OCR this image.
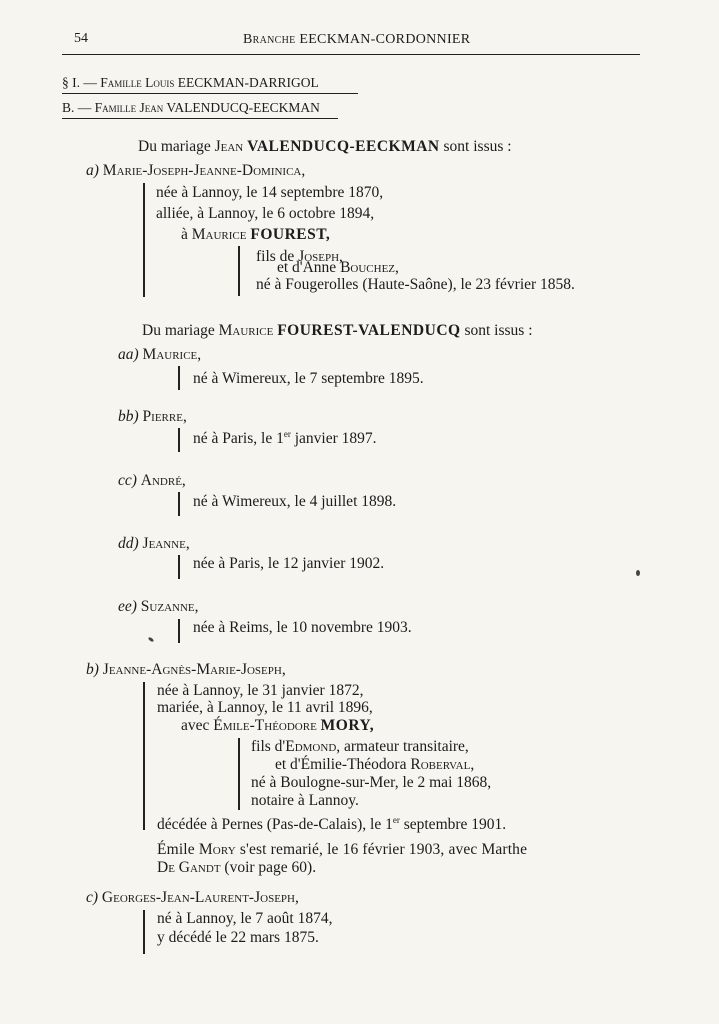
54	Branche EECKMAN-CORDONNIER
§ I. — Famille Louis EECKMAN-DARRIGOL
B. — Famille Jean VALENDUCQ-EECKMAN
Du mariage Jean VALENDUCQ-EECKMAN sont issus :
a) Marie-Joseph-Jeanne-Dominica,
née à Lannoy, le 14 septembre 1870,
alliée, à Lannoy, le 6 octobre 1894,
à Maurice FOUREST,
fils de Joseph,
et d'Anne Bouchez,
né à Fougerolles (Haute-Saône), le 23 février 1858.
Du mariage Maurice FOUREST-VALENDUCQ sont issus :
aa) Maurice,
né à Wimereux, le 7 septembre 1895.
bb) Pierre,
né à Paris, le 1er janvier 1897.
cc) André,
né à Wimereux, le 4 juillet 1898.
dd) Jeanne,
née à Paris, le 12 janvier 1902.
ee) Suzanne,
née à Reims, le 10 novembre 1903.
b) Jeanne-Agnès-Marie-Joseph,
née à Lannoy, le 31 janvier 1872,
mariée, à Lannoy, le 11 avril 1896,
avec Émile-Théodore MORY,
fils d'Edmond, armateur transitaire,
et d'Émilie-Théodora Roberval,
né à Boulogne-sur-Mer, le 2 mai 1868,
notaire à Lannoy.
décédée à Pernes (Pas-de-Calais), le 1er septembre 1901.
Émile Mory s'est remarié, le 16 février 1903, avec Marthe
De Gandt (voir page 60).
c) Georges-Jean-Laurent-Joseph,
né à Lannoy, le 7 août 1874,
y décédé le 22 mars 1875.
